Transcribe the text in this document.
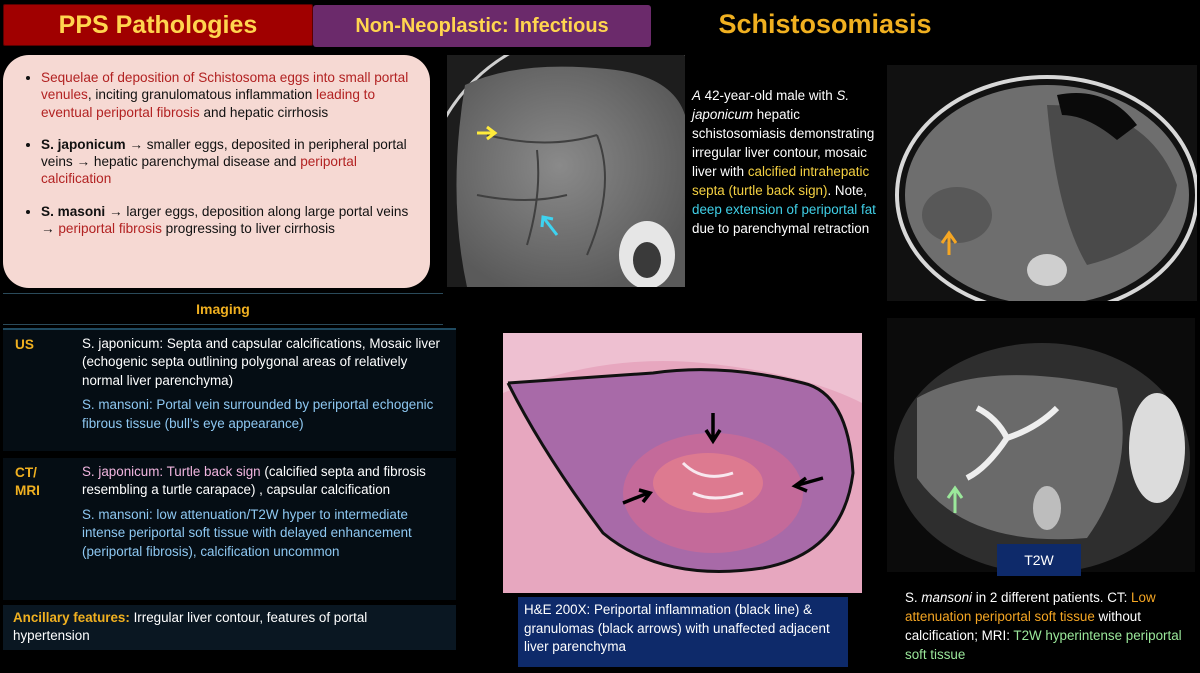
PPS Pathologies	Non-Neoplastic: Infectious	Schistosomiasis
• Sequelae of deposition of Schistosoma eggs into small portal venules, inciting granulomatous inflammation leading to eventual periportal fibrosis and hepatic cirrhosis
• S. japonicum → smaller eggs, deposited in peripheral portal veins → hepatic parenchymal disease and periportal calcification
• S. masoni → larger eggs, deposition along large portal veins → periportal fibrosis progressing to liver cirrhosis
Imaging
US	S. japonicum: Septa and capsular calcifications, Mosaic liver (echogenic septa outlining polygonal areas of relatively normal liver parenchyma)

S. mansoni: Portal vein surrounded by periportal echogenic fibrous tissue (bull’s eye appearance)

CT/ MRI

S. japonicum: Turtle back sign (calcified septa and fibrosis resembling a turtle carapace) , capsular calcification

S. mansoni: low attenuation/T2W hyper to intermediate intense periportal soft tissue with delayed enhancement (periportal fibrosis), calcification uncommon

Ancillary features: Irregular liver contour, features of portal hypertension
A 42-year-old male with S. japonicum hepatic schistosomiasis demonstrating irregular liver contour, mosaic liver with calcified intrahepatic septa (turtle back sign). Note, deep extension of periportal fat due to parenchymal retraction
T2W
S. mansoni in 2 different patients. CT: Low attenuation periportal soft tissue without calcification; MRI: T2W hyperintense periportal soft tissue
H&E 200X: Periportal inflammation (black line) & granulomas (black arrows) with unaffected adjacent liver parenchyma
